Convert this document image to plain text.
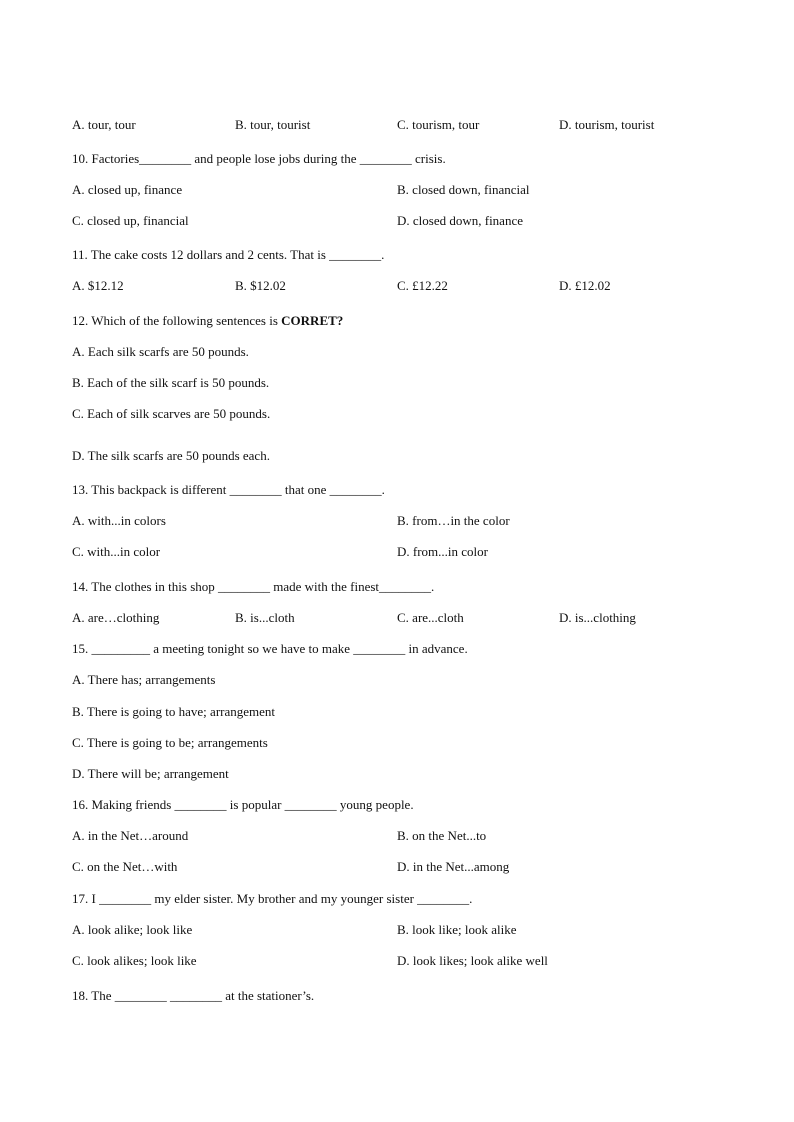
A. tour, tour	B. tour, tourist	C. tourism, tour	D. tourism, tourist
10. Factories________ and people lose jobs during the ________ crisis.
A. closed up, finance	B. closed down, financial
C. closed up, financial	D. closed down, finance
11. The cake costs 12 dollars and 2 cents. That is ________.
A. $12.12	B. $12.02	C. £12.22	D. £12.02
12. Which of the following sentences is CORRET?
A. Each silk scarfs are 50 pounds.
B. Each of the silk scarf is 50 pounds.
C. Each of silk scarves are 50 pounds.
D. The silk scarfs are 50 pounds each.
13. This backpack is different ________ that one ________.
A. with...in colors	B. from…in the color
C. with...in color	D. from...in color
14. The clothes in this shop ________ made with the finest________.
A. are…clothing	B. is...cloth	C. are...cloth	D. is...clothing
15. _________ a meeting tonight so we have to make ________ in advance.
A. There has; arrangements
B. There is going to have; arrangement
C. There is going to be; arrangements
D. There will be; arrangement
16. Making friends ________ is popular ________ young people.
A. in the Net…around	B. on the Net...to
C. on the Net…with	D. in the Net...among
17. I ________ my elder sister. My brother and my younger sister ________.
A. look alike; look like	B. look like; look alike
C. look alikes; look like	D. look likes; look alike well
18. The ________ ________ at the stationer’s.
